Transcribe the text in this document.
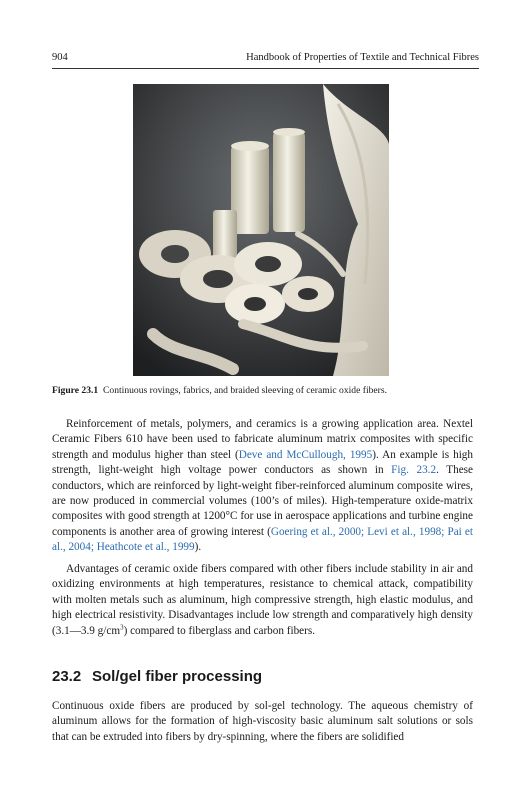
904	Handbook of Properties of Textile and Technical Fibres
Figure 23.1 Continuous rovings, fabrics, and braided sleeving of ceramic oxide fibers.

Reinforcement of metals, polymers, and ceramics is a growing application area. Nextel Ceramic Fibers 610 have been used to fabricate aluminum matrix composites with specific strength and modulus higher than steel (Deve and McCullough, 1995). An example is high strength, light-weight high voltage power conductors as shown in Fig. 23.2. These conductors, which are reinforced by light-weight fiber-reinforced aluminum composite wires, are now produced in commercial volumes (100’s of miles). High-temperature oxide-matrix composites with good strength at 1200°C for use in aerospace applications and turbine engine components is another area of growing interest (Goering et al., 2000; Levi et al., 1998; Pai et al., 2004; Heathcote et al., 1999).

Advantages of ceramic oxide fibers compared with other fibers include stability in air and oxidizing environments at high temperatures, resistance to chemical attack, compatibility with molten metals such as aluminum, high compressive strength, high elastic modulus, and high electrical resistivity. Disadvantages include low strength and comparatively high density (3.1—3.9 $g/cm^3$) compared to fiberglass and carbon fibers.

23.2 Sol/gel fiber processing

Continuous oxide fibers are produced by sol-gel technology. The aqueous chemistry of aluminum allows for the formation of high-viscosity basic aluminum salt solutions or sols that can be extruded into fibers by dry-spinning, where the fibers are solidified
